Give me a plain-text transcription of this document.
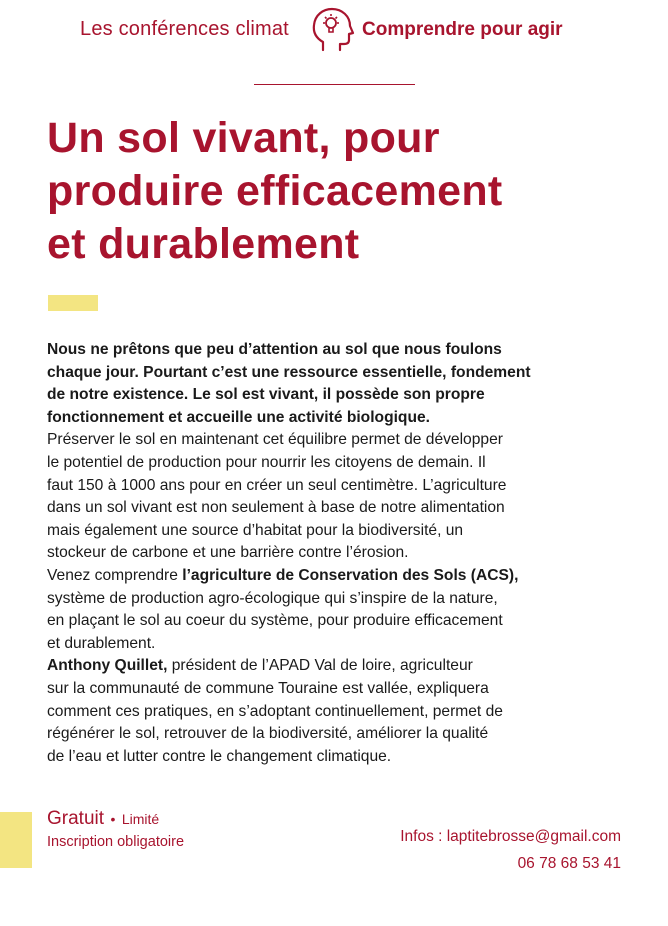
Les conférences climat	Comprendre pour agir
Un sol vivant, pour
produire efficacement
et durablement

Nous ne prêtons que peu d’attention au sol que nous foulons
chaque jour. Pourtant c’est une ressource essentielle, fondement
de notre existence. Le sol est vivant, il possède son propre
fonctionnement et accueille une activité biologique.

Préserver le sol en maintenant cet équilibre permet de développer
le potentiel de production pour nourrir les citoyens de demain. Il
faut 150 à 1000 ans pour en créer un seul centimètre. L’agriculture
dans un sol vivant est non seulement à base de notre alimentation
mais également une source d’habitat pour la biodiversité, un
stockeur de carbone et une barrière contre l’érosion.

Venez comprendre l’agriculture de Conservation des Sols (ACS),
système de production agro-écologique qui s’inspire de la nature,
en plaçant le sol au coeur du système, pour produire efficacement
et durablement.

Anthony Quillet, président de l’APAD Val de loire, agriculteur
sur la communauté de commune Touraine est vallée, expliquera
comment ces pratiques, en s’adoptant continuellement, permet de
régénérer le sol, retrouver de la biodiversité, améliorer la qualité
de l’eau et lutter contre le changement climatique.

Gratuit • Limité
Inscription obligatoire	Infos : laptitebrosse@gmail.com
06 78 68 53 41
